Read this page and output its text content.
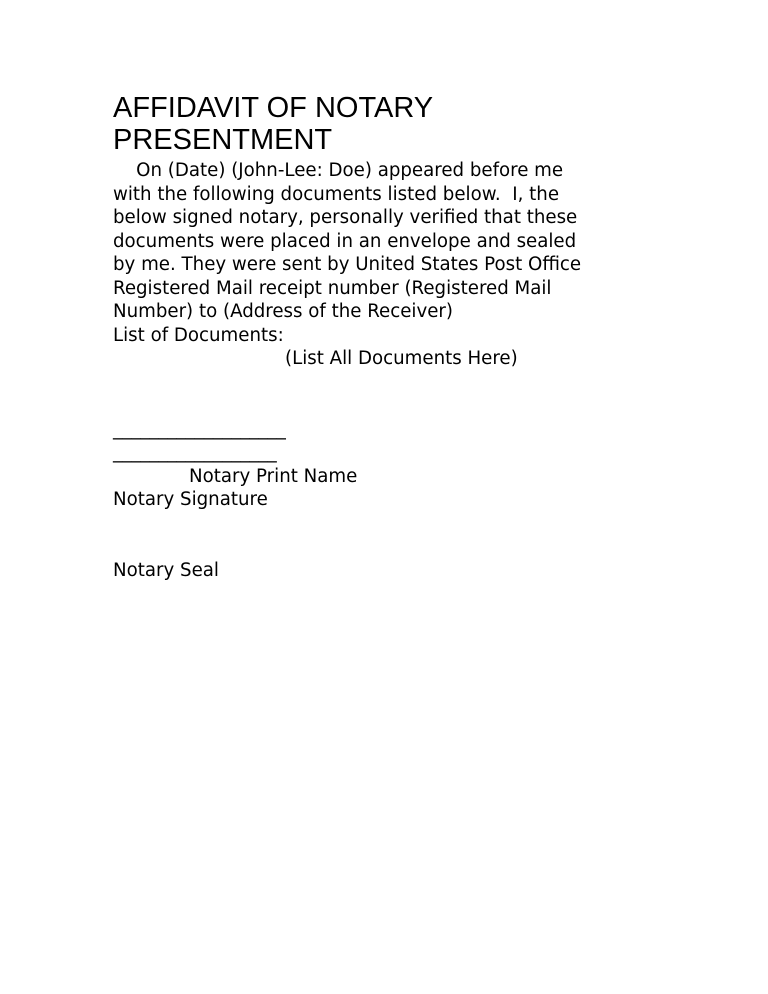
AFFIDAVIT OF NOTARY
PRESENTMENT
On (Date) (John-Lee: Doe) appeared before me
with the following documents listed below.  I, the
below signed notary, personally verified that these
documents were placed in an envelope and sealed
by me. They were sent by United States Post Office
Registered Mail receipt number (Registered Mail
Number) to (Address of the Receiver)
List of Documents:
(List All Documents Here)
___________________
__________________
Notary Print Name
Notary Signature
Notary Seal
